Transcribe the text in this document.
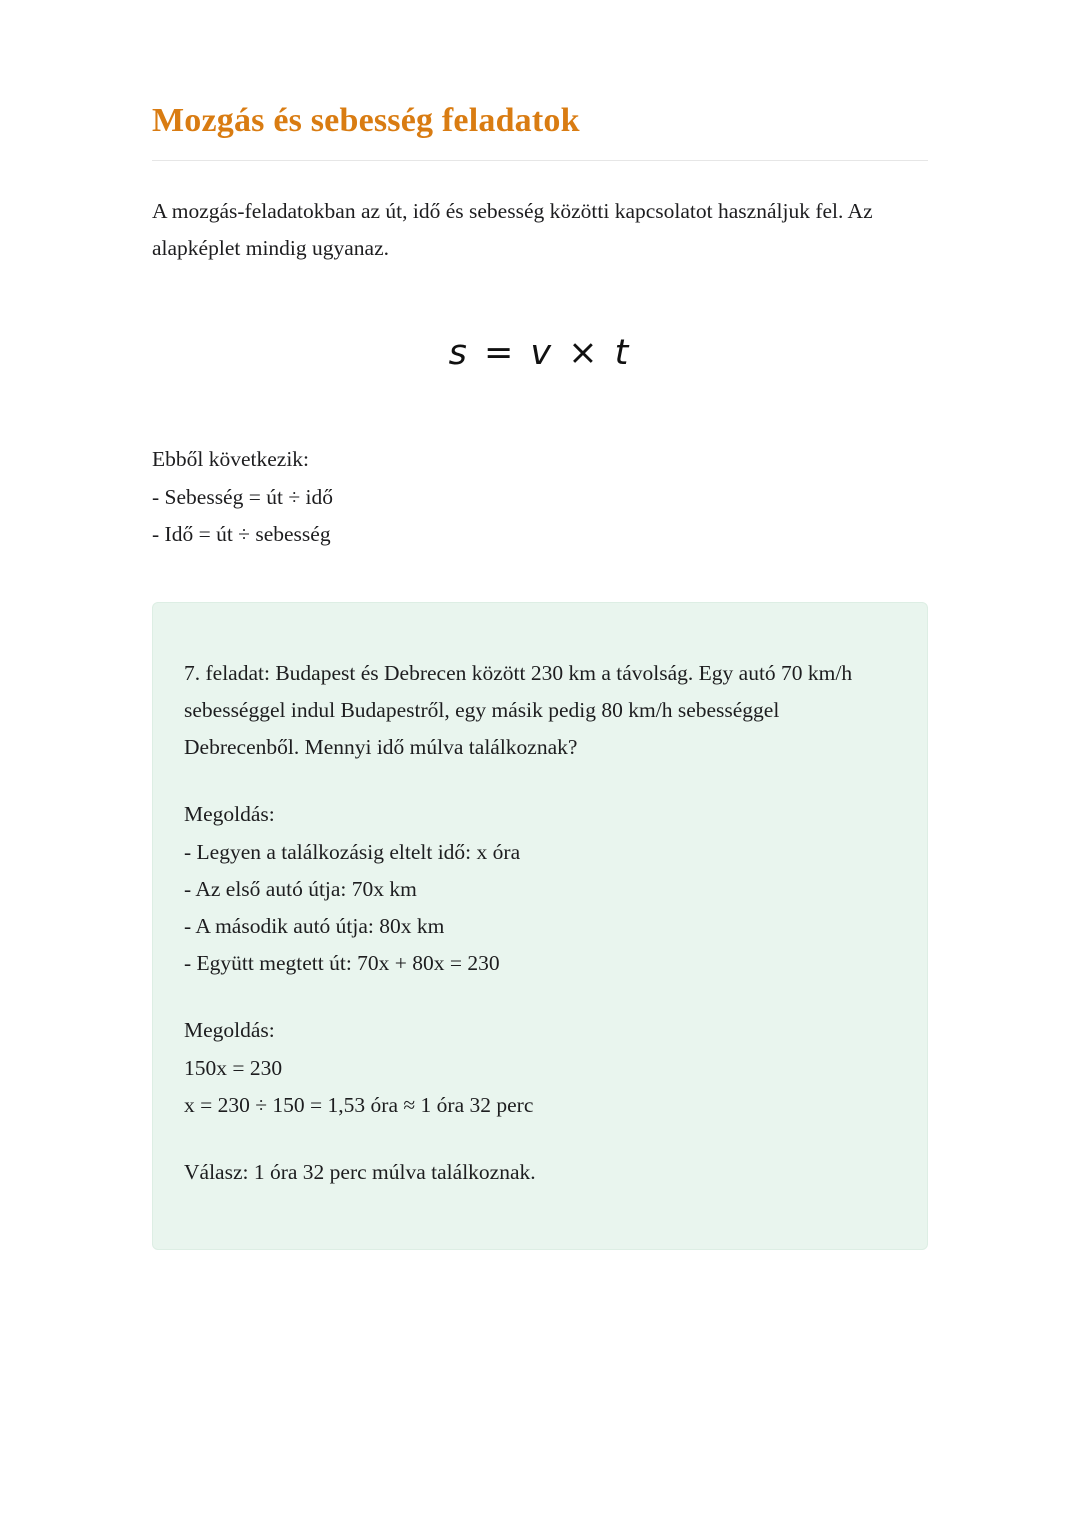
Mozgás és sebesség feladatok

A mozgás-feladatokban az út, idő és sebesség közötti kapcsolatot használjuk fel. Az alapképlet mindig ugyanaz.

s = v × t

Ebből következik:

- Sebesség = út ÷ idő

- Idő = út ÷ sebesség

7. feladat: Budapest és Debrecen között 230 km a távolság. Egy autó 70 km/h sebességgel indul Budapestről, egy másik pedig 80 km/h sebességgel Debrecenből. Mennyi idő múlva találkoznak?

Megoldás:

- Legyen a találkozásig eltelt idő: x óra

- Az első autó útja: 70x km

- A második autó útja: 80x km

- Együtt megtett út: 70x + 80x = 230

Megoldás:

150x = 230

x = 230 ÷ 150 = 1,53 óra ≈ 1 óra 32 perc

Válasz: 1 óra 32 perc múlva találkoznak.
